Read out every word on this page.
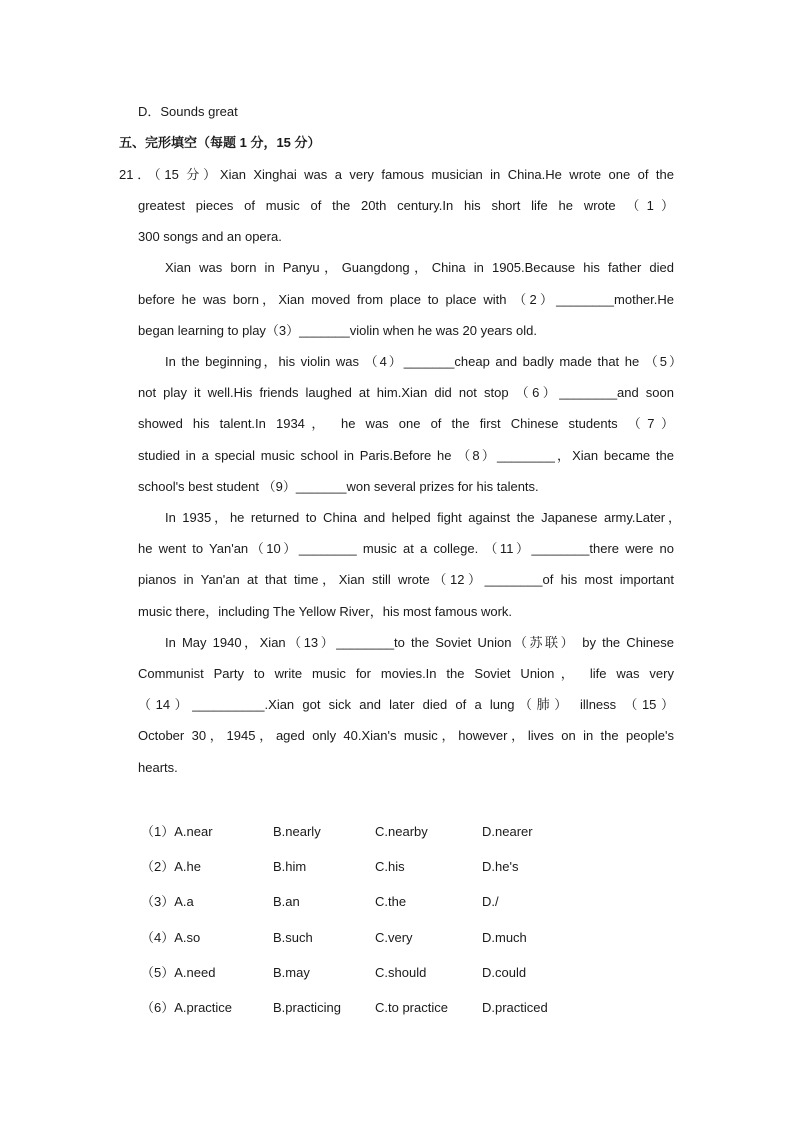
D．Sounds great
五、完形填空（每题 1 分，15 分）
21．（15 分）Xian Xinghai was a very famous musician in China.He wrote one of the
greatest pieces of music of the 20th century.In his short life he wrote （1）
300 songs and an opera.
Xian was born in Panyu，Guangdong，China in 1905.Because his father died
before he was born，Xian moved from place to place with （2）________mother.He
began learning to play（3）_______violin when he was 20 years old.
In the beginning，his violin was （4）_______cheap and badly made that he （5）
not play it well.His friends laughed at him.Xian did not stop （6）________and soon
showed his talent.In 1934， he was one of the first Chinese students （7）
studied in a special music school in Paris.Before he （8）________，Xian became the
school's best student （9）_______won several prizes for his talents.
In 1935，he returned to China and helped fight against the Japanese army.Later，
he went to Yan'an（10）________ music at a college. （11）________there were no
pianos in Yan'an at that time，Xian still wrote（12）________of his most important
music there，including The Yellow River，his most famous work.
In May 1940，Xian（13）________to the Soviet Union（苏联） by the Chinese
Communist Party to write music for movies.In the Soviet Union， life was very
（14）__________.Xian got sick and later died of a lung（肺） illness （15）
October 30，1945，aged only 40.Xian's music，however，lives on in the people's
hearts.
（1）A.near	B.nearly	C.nearby	D.nearer
（2）A.he	B.him	C.his	D.he's
（3）A.a	B.an	C.the	D./
（4）A.so	B.such	C.very	D.much
（5）A.need	B.may	C.should	D.could
（6）A.practice	B.practicing	C.to practice	D.practiced
